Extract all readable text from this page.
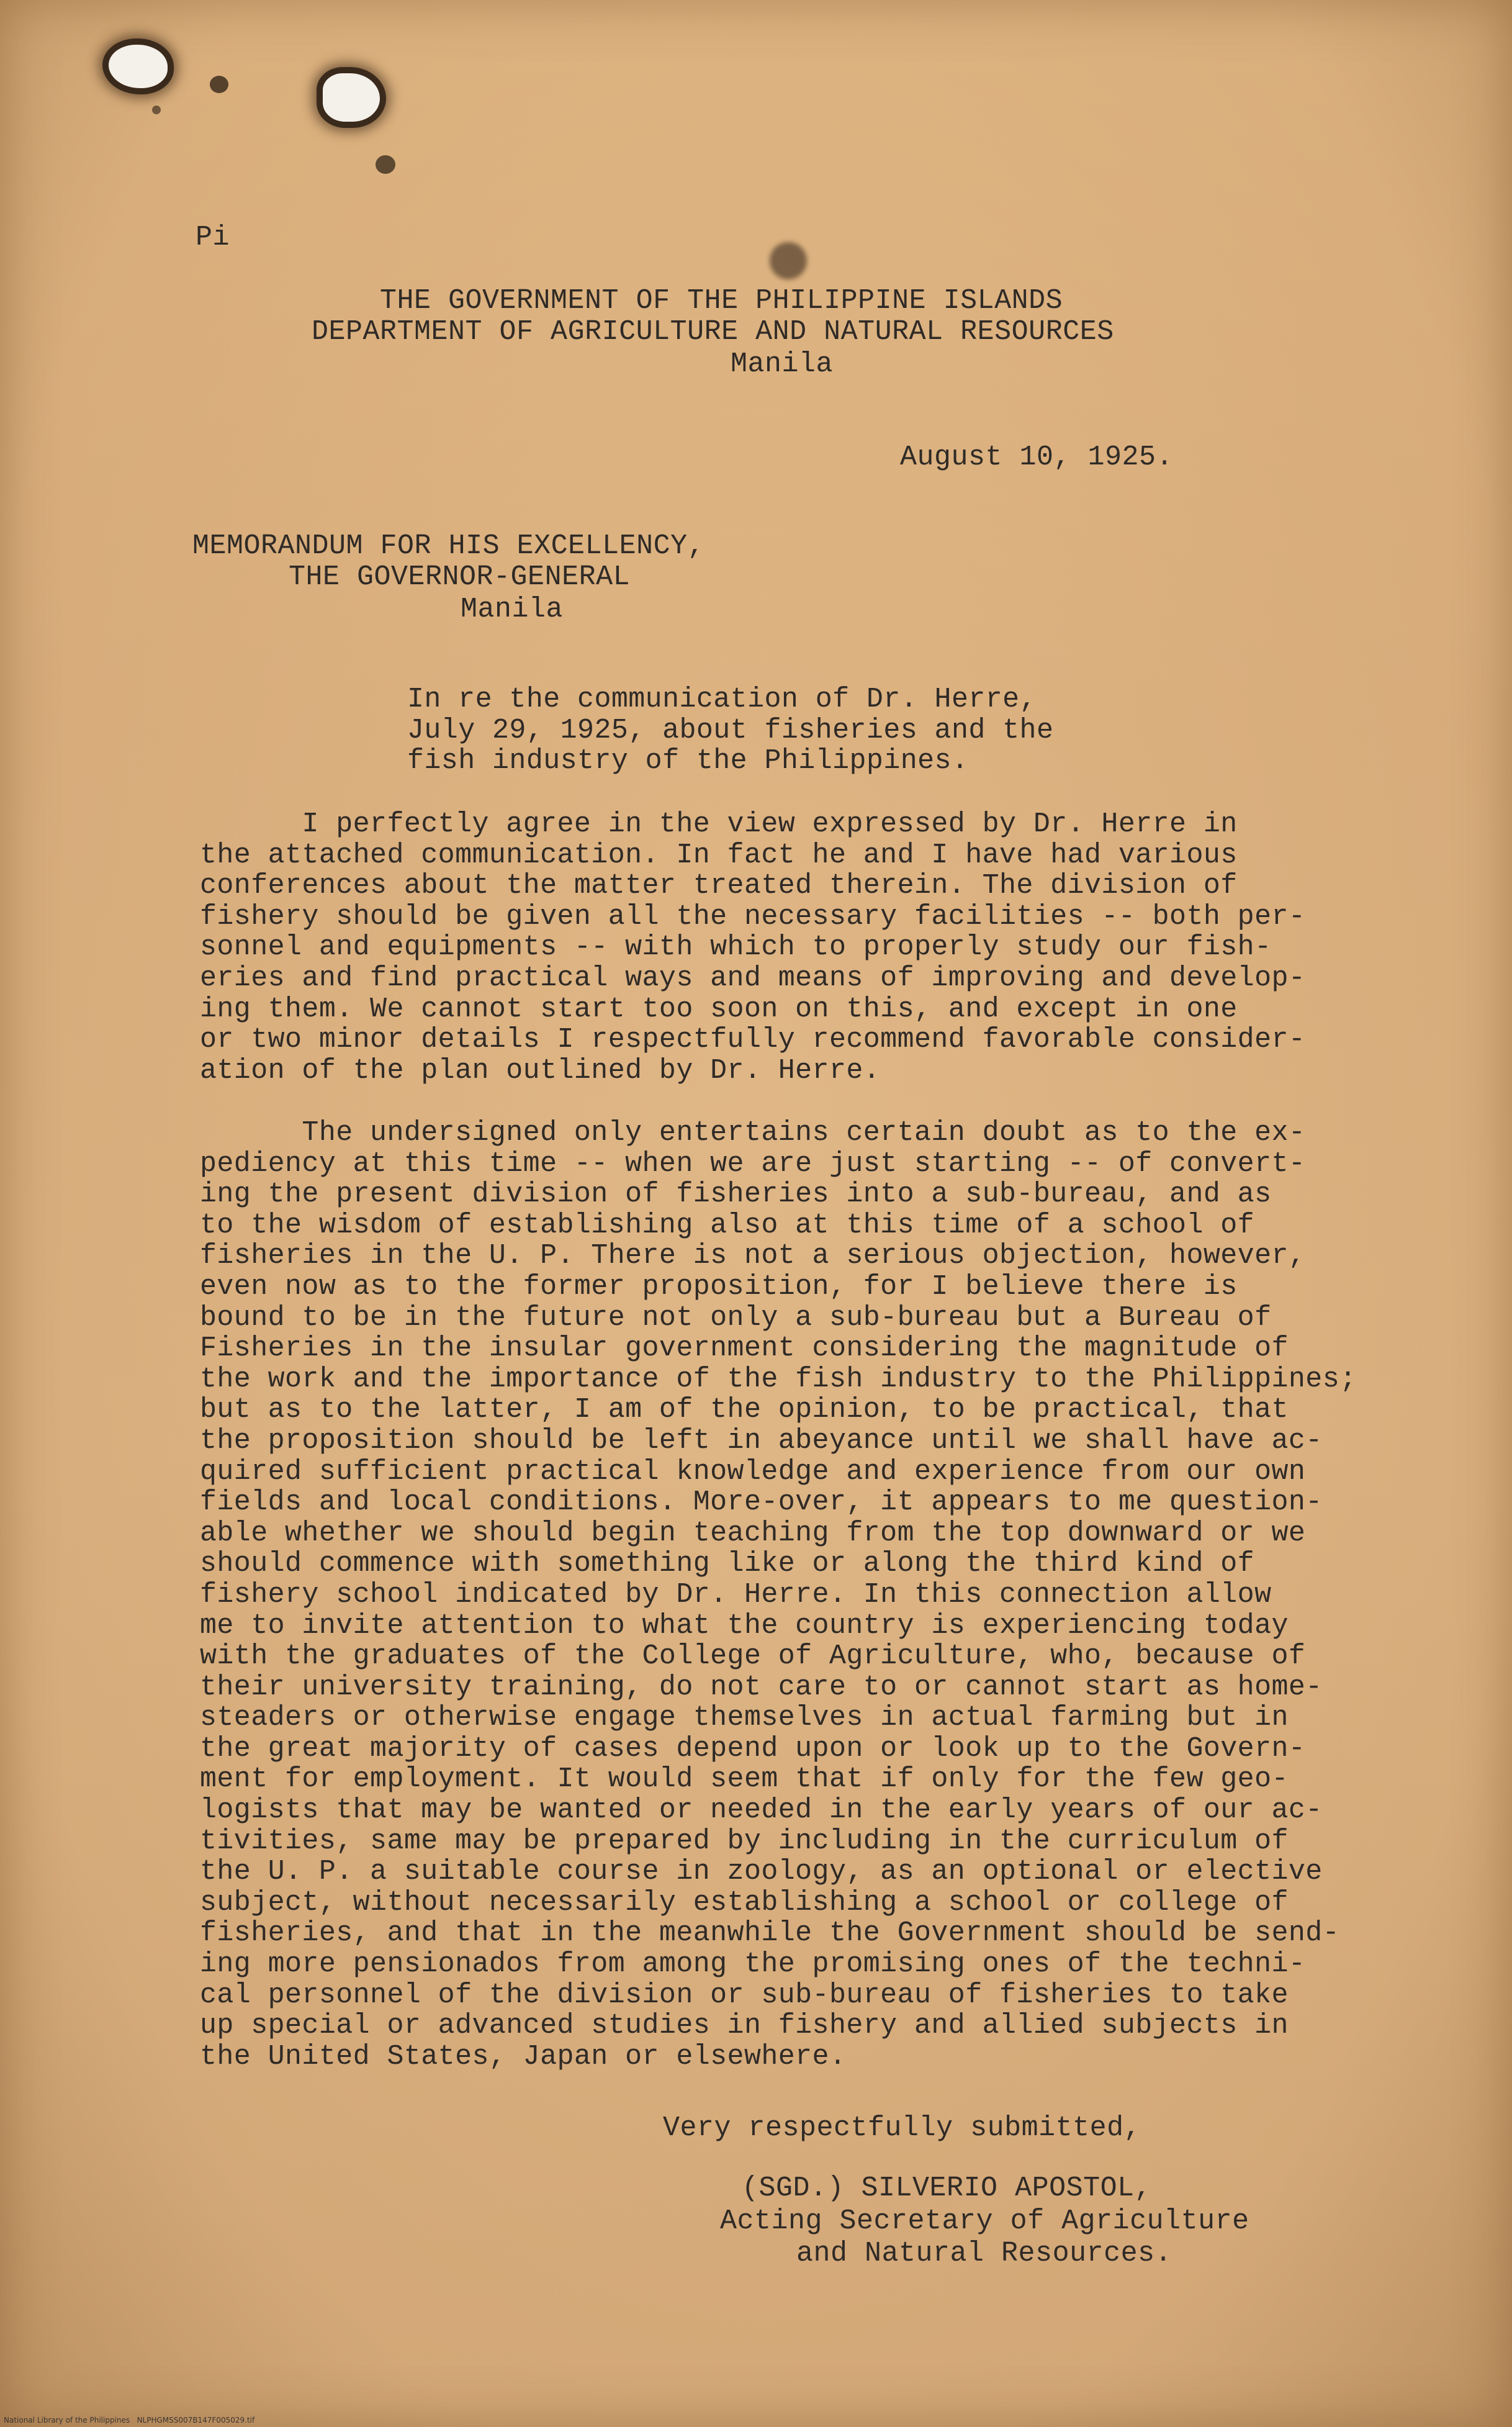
Pi
THE GOVERNMENT OF THE PHILIPPINE ISLANDS
DEPARTMENT OF AGRICULTURE AND NATURAL RESOURCES
Manila
August 10, 1925.
MEMORANDUM FOR HIS EXCELLENCY,
THE GOVERNOR-GENERAL
Manila
In re the communication of Dr. Herre,
July 29, 1925, about fisheries and the
fish industry of the Philippines.
I perfectly agree in the view expressed by Dr. Herre in
the attached communication. In fact he and I have had various
conferences about the matter treated therein. The division of
fishery should be given all the necessary facilities -- both per-
sonnel and equipments -- with which to properly study our fish-
eries and find practical ways and means of improving and develop-
ing them. We cannot start too soon on this, and except in one
or two minor details I respectfully recommend favorable consider-
ation of the plan outlined by Dr. Herre.
The undersigned only entertains certain doubt as to the ex-
pediency at this time -- when we are just starting -- of convert-
ing the present division of fisheries into a sub-bureau, and as
to the wisdom of establishing also at this time of a school of
fisheries in the U. P. There is not a serious objection, however,
even now as to the former proposition, for I believe there is
bound to be in the future not only a sub-bureau but a Bureau of
Fisheries in the insular government considering the magnitude of
the work and the importance of the fish industry to the Philippines;
but as to the latter, I am of the opinion, to be practical, that
the proposition should be left in abeyance until we shall have ac-
quired sufficient practical knowledge and experience from our own
fields and local conditions. More-over, it appears to me question-
able whether we should begin teaching from the top downward or we
should commence with something like or along the third kind of
fishery school indicated by Dr. Herre. In this connection allow
me to invite attention to what the country is experiencing today
with the graduates of the College of Agriculture, who, because of
their university training, do not care to or cannot start as home-
steaders or otherwise engage themselves in actual farming but in
the great majority of cases depend upon or look up to the Govern-
ment for employment. It would seem that if only for the few geo-
logists that may be wanted or needed in the early years of our ac-
tivities, same may be prepared by including in the curriculum of
the U. P. a suitable course in zoology, as an optional or elective
subject, without necessarily establishing a school or college of
fisheries, and that in the meanwhile the Government should be send-
ing more pensionados from among the promising ones of the techni-
cal personnel of the division or sub-bureau of fisheries to take
up special or advanced studies in fishery and allied subjects in
the United States, Japan or elsewhere.
Very respectfully submitted,
(SGD.) SILVERIO APOSTOL,
Acting Secretary of Agriculture
and Natural Resources.
National Library of the Philippines   NLPHGMSS007B147F005029.tif
